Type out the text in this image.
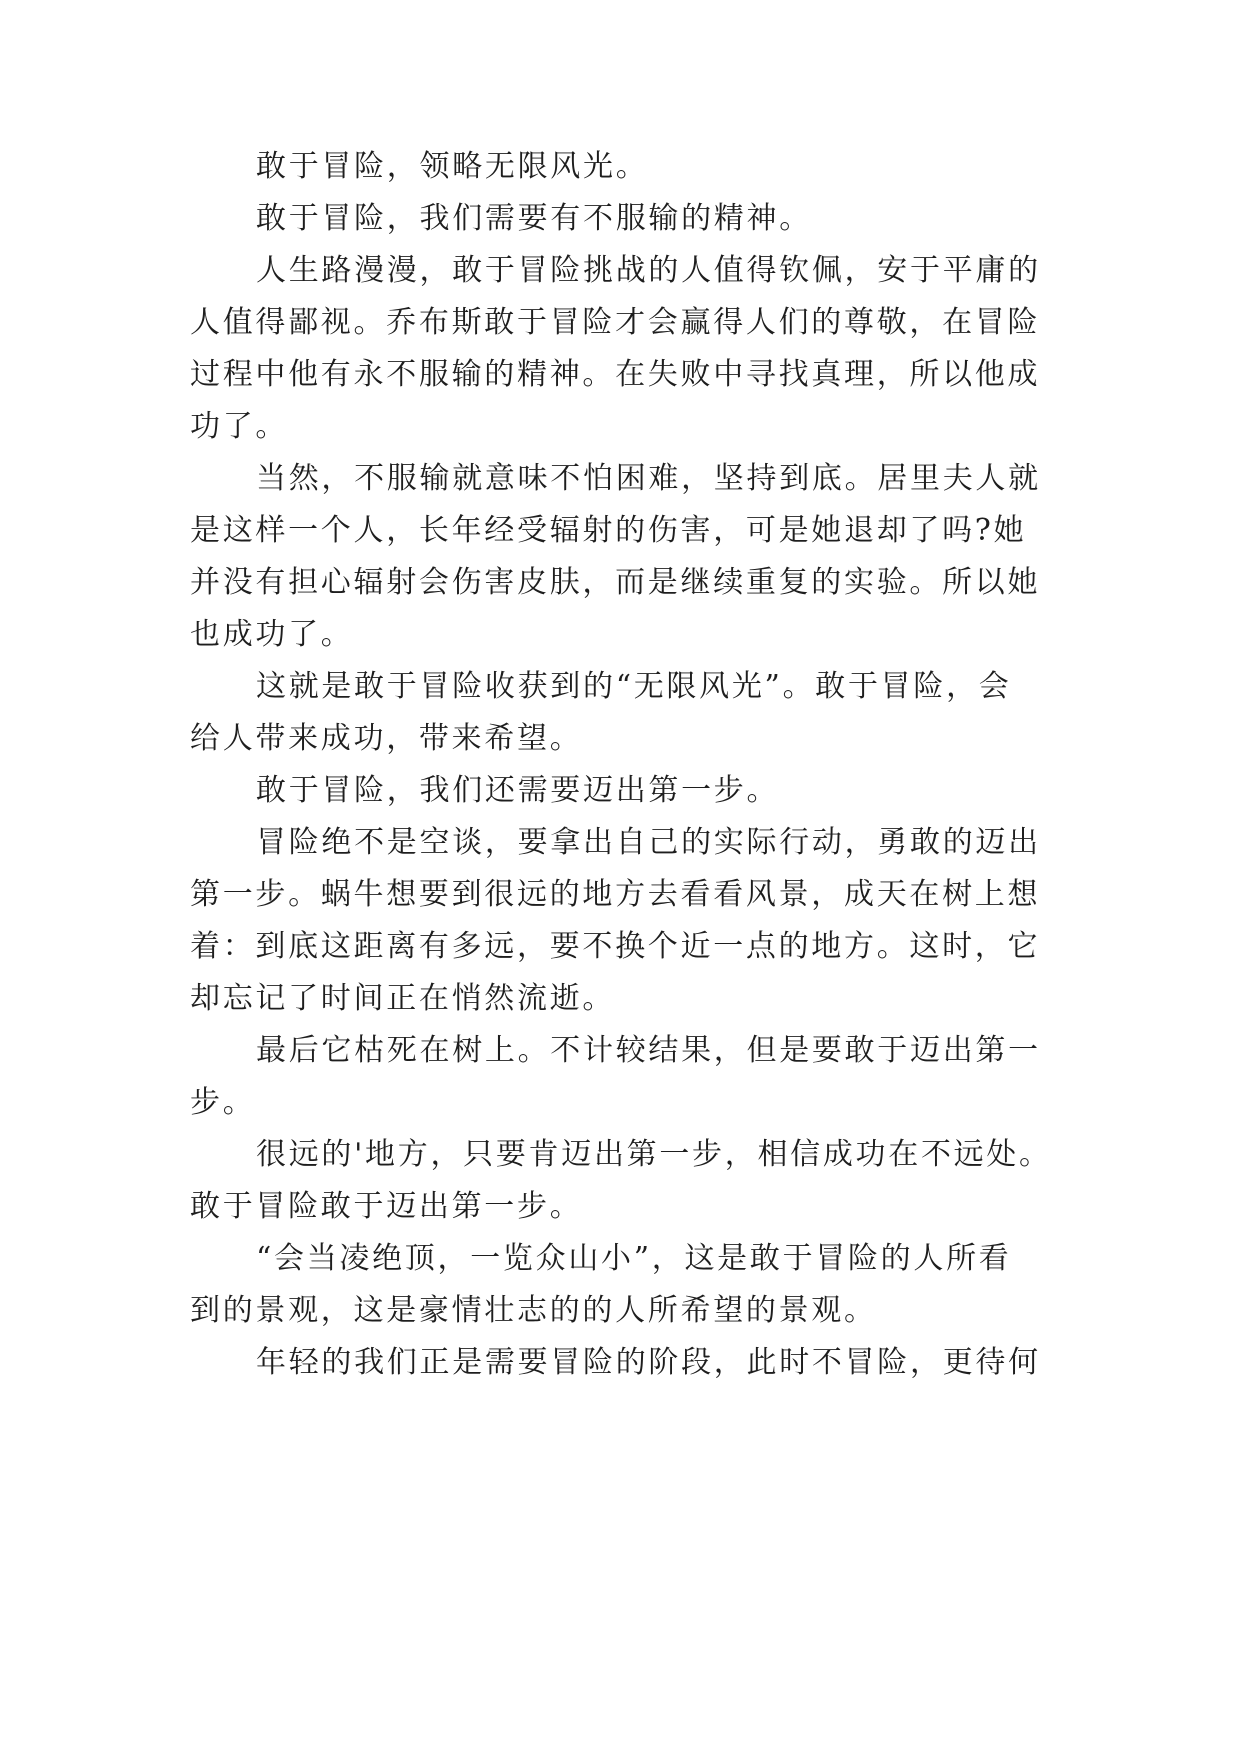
敢于冒险，领略无限风光。
敢于冒险，我们需要有不服输的精神。
人生路漫漫，敢于冒险挑战的人值得钦佩，安于平庸的
人值得鄙视。乔布斯敢于冒险才会赢得人们的尊敬，在冒险
过程中他有永不服输的精神。在失败中寻找真理，所以他成
功了。
当然，不服输就意味不怕困难，坚持到底。居里夫人就
是这样一个人，长年经受辐射的伤害，可是她退却了吗?她
并没有担心辐射会伤害皮肤，而是继续重复的实验。所以她
也成功了。
这就是敢于冒险收获到的“无限风光”。敢于冒险，会
给人带来成功，带来希望。
敢于冒险，我们还需要迈出第一步。
冒险绝不是空谈，要拿出自己的实际行动，勇敢的迈出
第一步。蜗牛想要到很远的地方去看看风景，成天在树上想
着：到底这距离有多远，要不换个近一点的地方。这时，它
却忘记了时间正在悄然流逝。
最后它枯死在树上。不计较结果，但是要敢于迈出第一
步。
很远的'地方，只要肯迈出第一步，相信成功在不远处。
敢于冒险敢于迈出第一步。
“会当凌绝顶，一览众山小”，这是敢于冒险的人所看
到的景观，这是豪情壮志的的人所希望的景观。
年轻的我们正是需要冒险的阶段，此时不冒险，更待何
